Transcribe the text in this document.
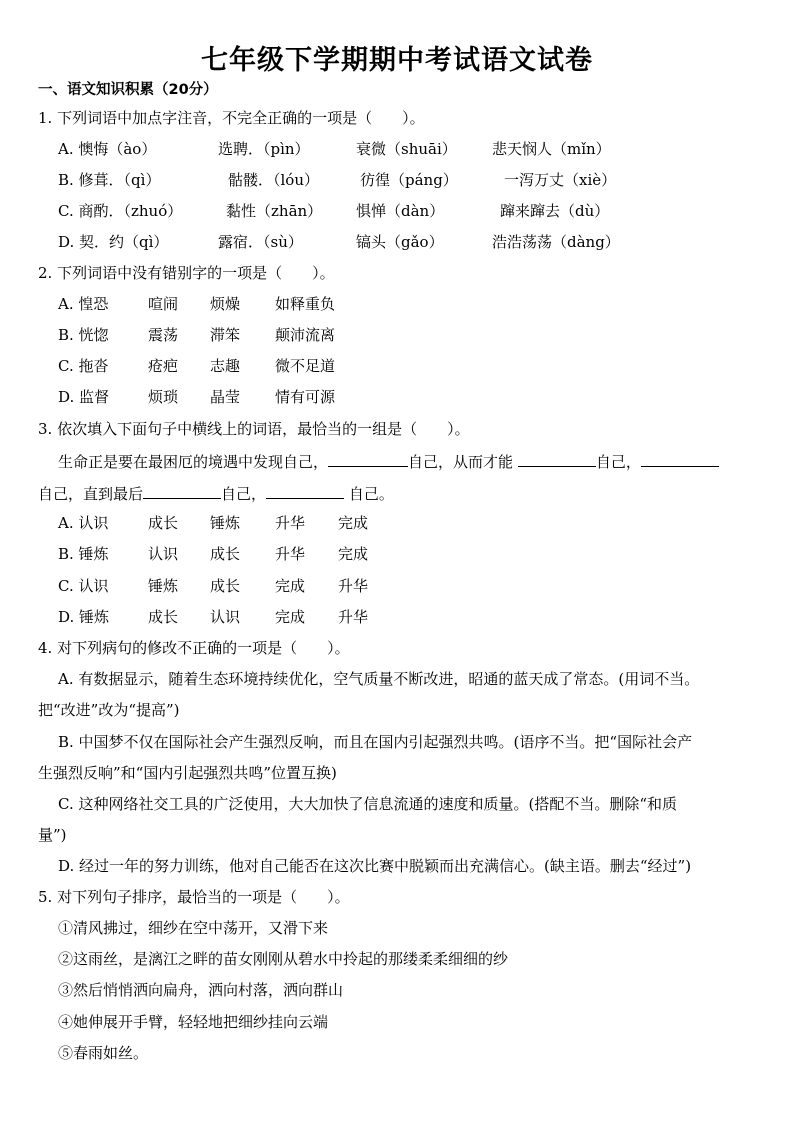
七年级下学期期中考试语文试卷
一、语文知识积累（20分）
1. 下列词语中加点字注音，不完全正确的一项是（　　）。
A. 懊悔（ào）	选聘．（pìn）	衰微（shuāi） 悲天悯人（mǐn）
B. 修葺．（qì）	骷髅．（lóu）	彷徨（páng）	一泻万丈（xiè）
C. 商酌．（zhuó）	黏性（zhān） 惧惮（dàn）	蹿来蹿去（dù）
D. 契．约（qì）	露宿．（sù）	镐头（gǎo）	浩浩荡荡（dàng）
2. 下列词语中没有错别字的一项是（　　）。
A. 惶恐	喧闹 烦燥 如释重负
B. 恍惚	震荡 滞笨 颠沛流离
C. 拖沓	疮疤 志趣 微不足道
D. 监督	烦琐 晶莹 情有可源
3. 依次填入下面句子中横线上的词语，最恰当的一组是（　　）。
生命正是要在最困厄的境遇中发现自己，	自己，从而才能	自己，
自己，直到最后	自己，	自己。
A. 认识	成长 锤炼 升华 完成
B. 锤炼	认识 成长 升华 完成
C. 认识	锤炼 成长 完成 升华
D. 锤炼	成长 认识 完成 升华
4. 对下列病句的修改不正确的一项是（　　）。
A. 有数据显示，随着生态环境持续优化，空气质量不断改进，昭通的蓝天成了常态。(用词不当。
把“改进”改为“提高”)
B. 中国梦不仅在国际社会产生强烈反响，而且在国内引起强烈共鸣。(语序不当。把“国际社会产
生强烈反响”和“国内引起强烈共鸣”位置互换)
C. 这种网络社交工具的广泛使用，大大加快了信息流通的速度和质量。(搭配不当。删除“和质
量”)
D. 经过一年的努力训练，他对自己能否在这次比赛中脱颖而出充满信心。(缺主语。删去“经过”)
5. 对下列句子排序，最恰当的一项是（　　）。
①清风拂过，细纱在空中荡开，又滑下来
②这雨丝，是漓江之畔的苗女刚刚从碧水中拎起的那缕柔柔细细的纱
③然后悄悄洒向扁舟，洒向村落，洒向群山
④她伸展开手臂，轻轻地把细纱挂向云端
⑤春雨如丝。
